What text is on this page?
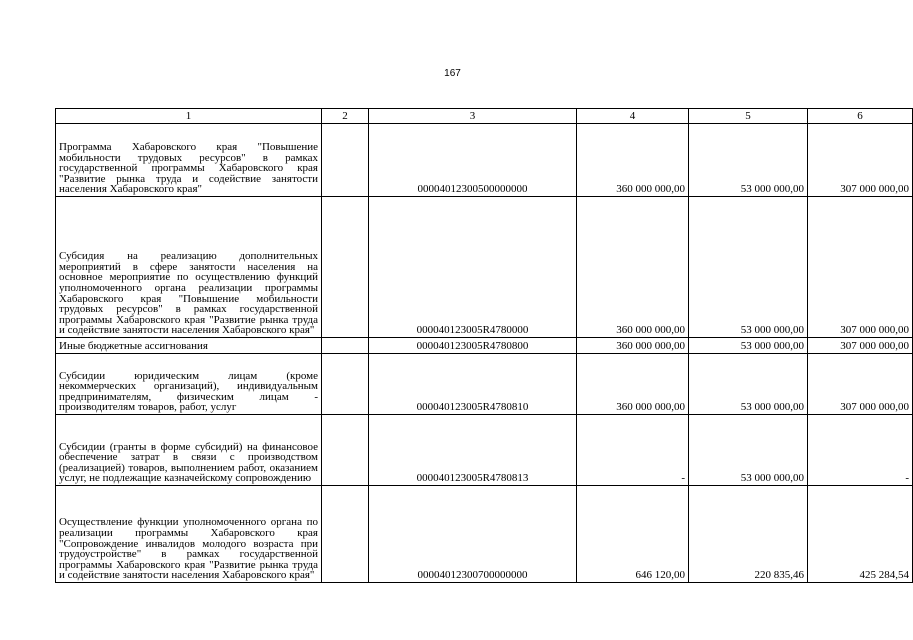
167
1	2	3	4	5	6
Программа Хабаровского края "Повышение мобильности трудовых ресурсов" в рамках государственной программы Хабаровского края "Развитие рынка труда и содействие занятости населения Хабаровского края"		00004012300500000000	360 000 000,00	53 000 000,00	307 000 000,00
Субсидия на реализацию дополнительных мероприятий в сфере занятости населения на основное мероприятие по осуществлению функций уполномоченного органа реализации программы Хабаровского края "Повышение мобильности трудовых ресурсов" в рамках государственной программы Хабаровского края "Развитие рынка труда и содействие занятости населения Хабаровского края"		000040123005R4780000	360 000 000,00	53 000 000,00	307 000 000,00
Иные бюджетные ассигнования		000040123005R4780800	360 000 000,00	53 000 000,00	307 000 000,00
Субсидии юридическим лицам (кроме некоммерческих организаций), индивидуальным предпринимателям, физическим лицам - производителям товаров, работ, услуг		000040123005R4780810	360 000 000,00	53 000 000,00	307 000 000,00
Субсидии (гранты в форме субсидий) на финансовое обеспечение затрат в связи с производством (реализацией) товаров, выполнением работ, оказанием услуг, не подлежащие казначейскому сопровождению		000040123005R4780813	-	53 000 000,00	-
Осуществление функции уполномоченного органа по реализации программы Хабаровского края "Сопровождение инвалидов молодого возраста при трудоустройстве" в рамках государственной программы Хабаровского края "Развитие рынка труда и содействие занятости населения Хабаровского края"		00004012300700000000	646 120,00	220 835,46	425 284,54
